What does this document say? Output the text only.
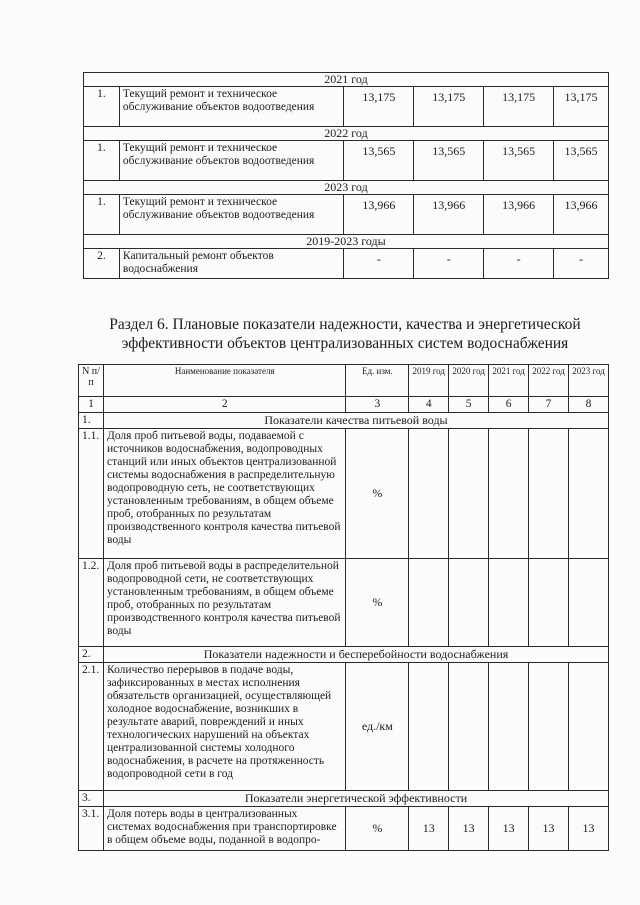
2021 год					
1.	Текущий ремонт и техническое обслуживание объектов водоотведения	13,175	13,175	13,175	13,175
2022 год					
1.	Текущий ремонт и техническое обслуживание объектов водоотведения	13,565	13,565	13,565	13,565
2023 год					
1.	Текущий ремонт и техническое обслуживание объектов водоотведения	13,966	13,966	13,966	13,966
2019-2023 годы					
2.	Капитальный ремонт объектов водоснабжения	-	-	-	-
Раздел 6. Плановые показатели надежности, качества и энергетической эффективности объектов централизованных систем водоснабжения
N п/п	Наименование показателя	Ед. изм.	2019 год	2020 год	2021 год	2022 год	2023 год
1	2	3	4	5	6	7	8
1.	Показатели качества питьевой воды						
1.1.	Доля проб питьевой воды, подаваемой с источников водоснабжения, водопроводных станций или иных объектов централизованной системы водоснабжения в распределительную водопроводную сеть, не соответствующих установленным требованиям, в общем объеме проб, отобранных по результатам производственного контроля качества питьевой воды	%					
1.2.	Доля проб питьевой воды в распределительной водопроводной сети, не соответствующих установленным требованиям, в общем объеме проб, отобранных по результатам производственного контроля качества питьевой воды	%					
2.	Показатели надежности и бесперебойности водоснабжения						
2.1.	Количество перерывов в подаче воды, зафиксированных в местах исполнения обязательств организацией, осуществляющей холодное водоснабжение, возникших в результате аварий, повреждений и иных технологических нарушений на объектах централизованной системы холодного водоснабжения, в расчете на протяженность водопроводной сети в год	ед./км					
3.	Показатели энергетической эффективности						
3.1.	Доля потерь воды в централизованных системах водоснабжения при транспортировке в общем объеме воды, поданной в водопро-	%	13	13	13	13	13
